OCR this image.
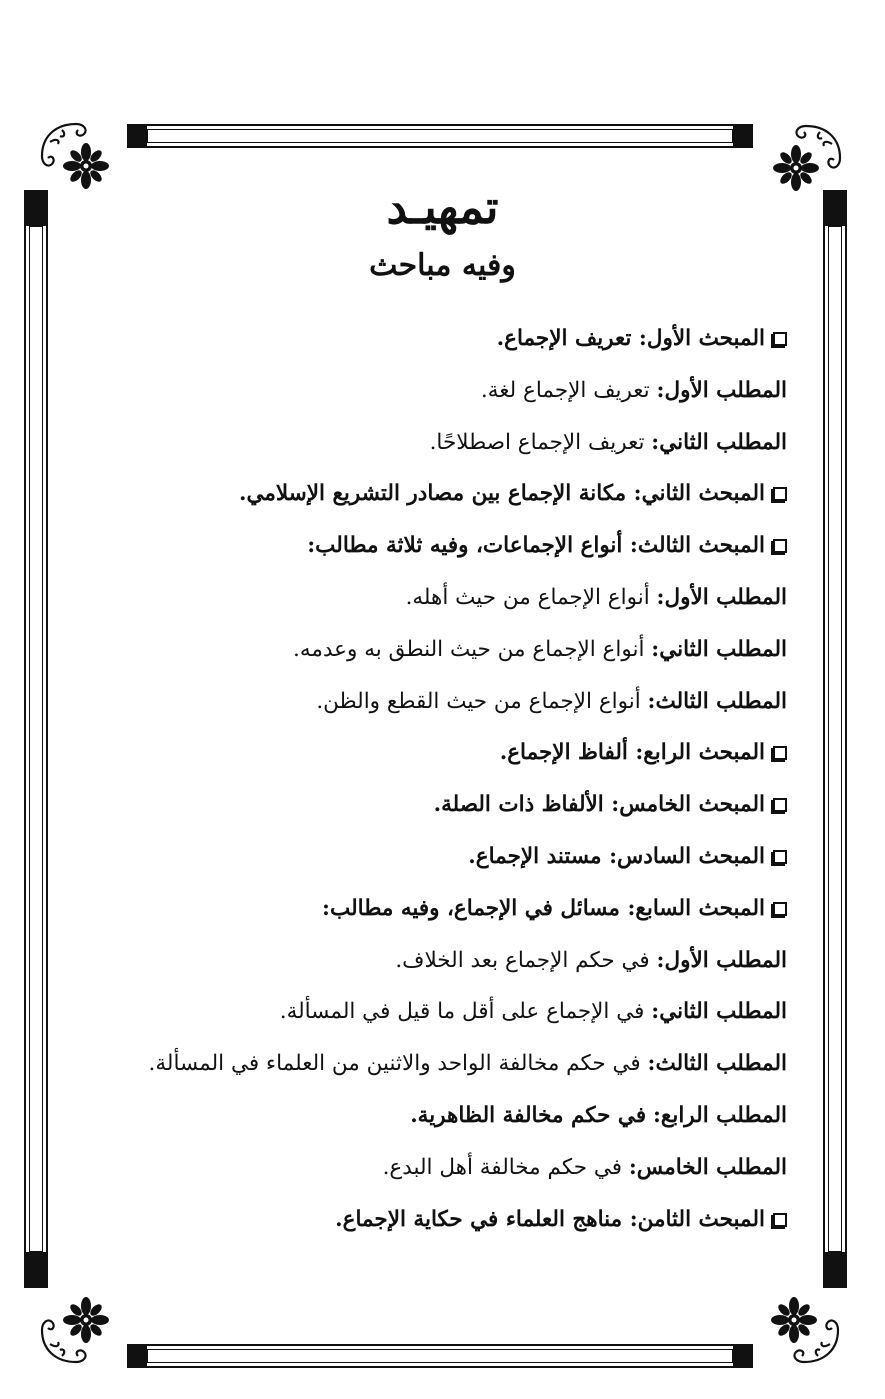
تمهيـد
وفيه مباحث
المبحث الأول: تعريف الإجماع.
المطلب الأول: تعريف الإجماع لغة.
المطلب الثاني: تعريف الإجماع اصطلاحًا.
المبحث الثاني: مكانة الإجماع بين مصادر التشريع الإسلامي.
المبحث الثالث: أنواع الإجماعات، وفيه ثلاثة مطالب:
المطلب الأول: أنواع الإجماع من حيث أهله.
المطلب الثاني: أنواع الإجماع من حيث النطق به وعدمه.
المطلب الثالث: أنواع الإجماع من حيث القطع والظن.
المبحث الرابع: ألفاظ الإجماع.
المبحث الخامس: الألفاظ ذات الصلة.
المبحث السادس: مستند الإجماع.
المبحث السابع: مسائل في الإجماع، وفيه مطالب:
المطلب الأول: في حكم الإجماع بعد الخلاف.
المطلب الثاني: في الإجماع على أقل ما قيل في المسألة.
المطلب الثالث: في حكم مخالفة الواحد والاثنين من العلماء في المسألة.
المطلب الرابع: في حكم مخالفة الظاهرية.
المطلب الخامس: في حكم مخالفة أهل البدع.
المبحث الثامن: مناهج العلماء في حكاية الإجماع.
